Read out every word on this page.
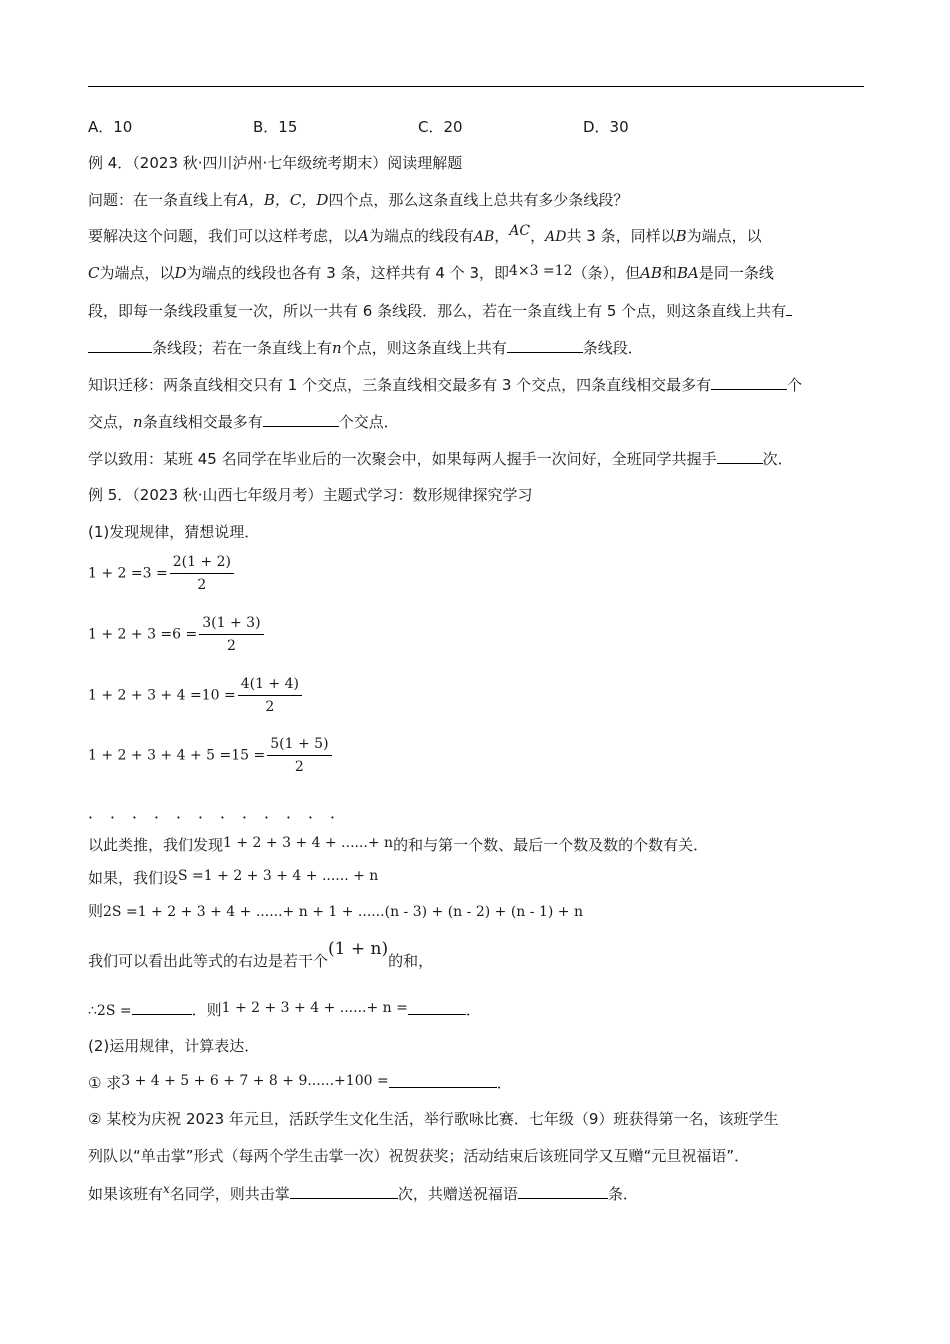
A．10	B．15	C．20	D．30
例 4．（2023 秋·四川泸州·七年级统考期末）阅读理解题
问题：在一条直线上有A，B，C，D四个点，那么这条直线上总共有多少条线段？
要解决这个问题，我们可以这样考虑，以A为端点的线段有AB，AC，AD共 3 条，同样以B为端点，以
C为端点，以D为端点的线段也各有 3 条，这样共有 4 个 3，即4×3 =12（条），但AB和BA是同一条线
段，即每一条线段重复一次，所以一共有 6 条线段．那么，若在一条直线上有 5 个点，则这条直线上共有
条线段；若在一条直线上有n个点，则这条直线上共有	条线段．
知识迁移：两条直线相交只有 1 个交点，三条直线相交最多有 3 个交点，四条直线相交最多有	个
交点，n条直线相交最多有	个交点．
学以致用：某班 45 名同学在毕业后的一次聚会中，如果每两人握手一次问好，全班同学共握手	次．
例 5．（2023 秋·山西七年级月考）主题式学习：数形规律探究学习
(1)发现规律，猜想说理．
$1 + 2 =3 = \frac{2(1 + 2)}{2}$
$1 + 2 + 3 =6 = \frac{3(1 + 3)}{2}$
$1 + 2 + 3 + 4 =10 = \frac{4(1 + 4)}{2}$
$1 + 2 + 3 + 4 + 5 =15 = \frac{5(1 + 5)}{2}$
．．．．．．．．．．．．
以此类推，我们发现1 + 2 + 3 + 4 + ......+ n的和与第一个数、最后一个数及数的个数有关．
如果，我们设S =1 + 2 + 3 + 4 + ...... + n
则2S =1 + 2 + 3 + 4 + ......+ n + 1 + ......(n - 3) + (n - 2) + (n - 1) + n
我们可以看出此等式的右边是若干个(1 + n)的和，
∴2S =	．则1 + 2 + 3 + 4 + ......+ n =	．
(2)运用规律，计算表达．
① 求3 + 4 + 5 + 6 + 7 + 8 + 9......+100 =	．
② 某校为庆祝 2023 年元旦，活跃学生文化生活，举行歌咏比赛．七年级（9）班获得第一名，该班学生
列队以“单击掌”形式（每两个学生击掌一次）祝贺获奖；活动结束后该班同学又互赠“元旦祝福语”．
如果该班有$^x$名同学，则共击掌	次，共赠送祝福语	条．
